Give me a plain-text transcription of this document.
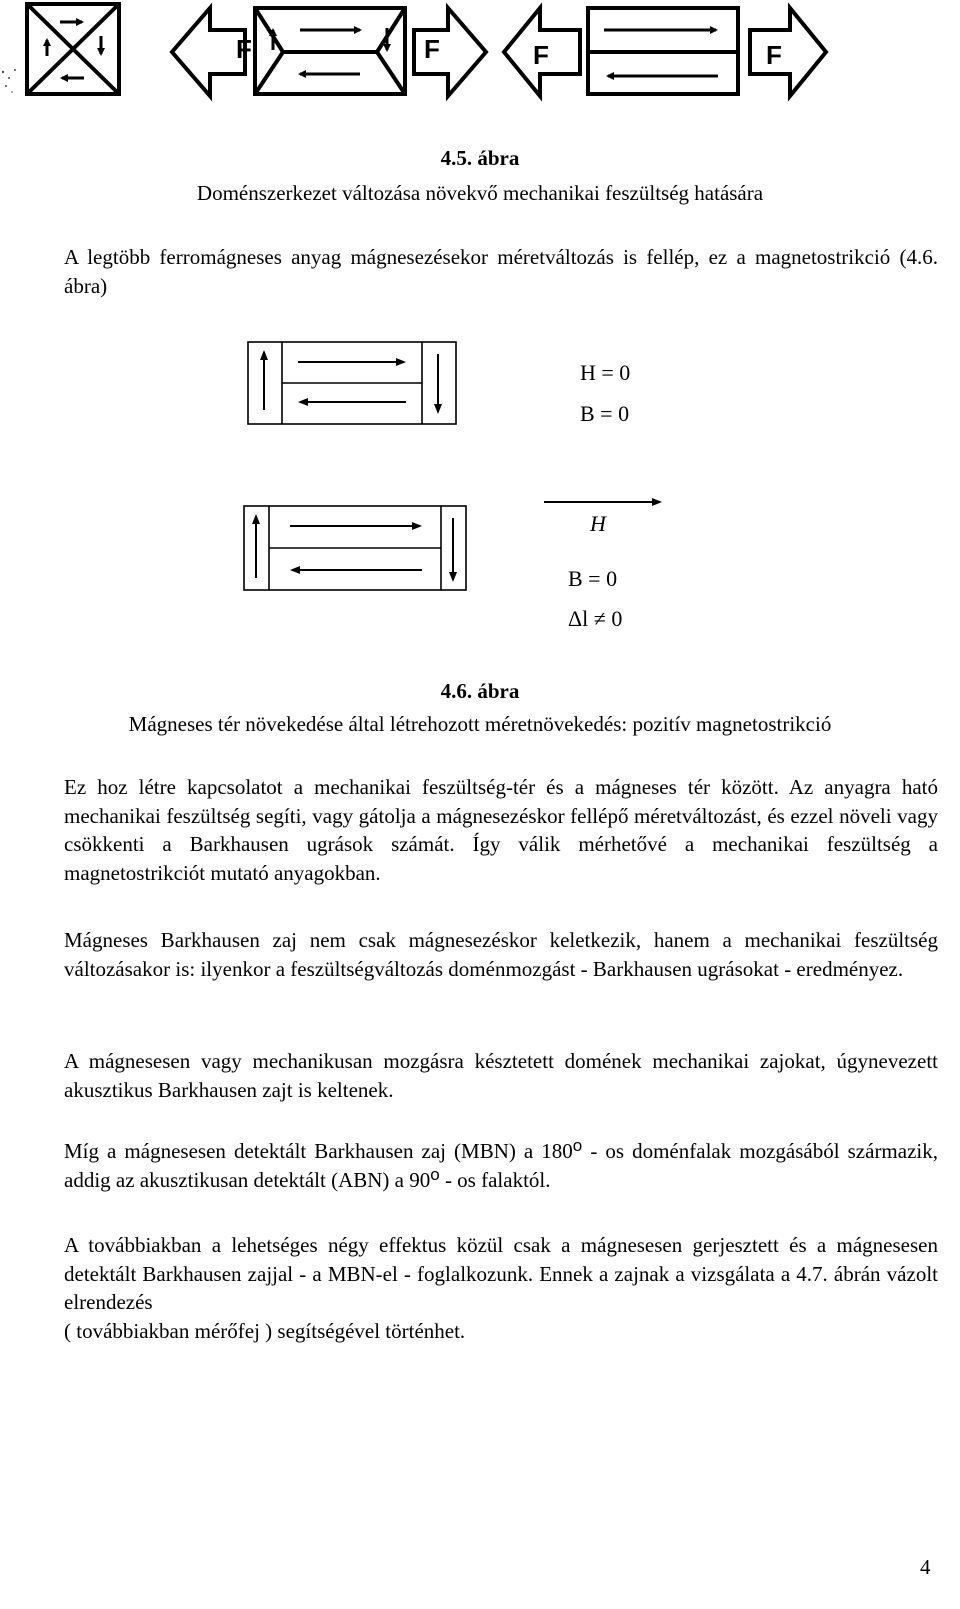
F	F	F	F
4.5. ábra
Doménszerkezet változása növekvő mechanikai feszültség hatására

A legtöbb ferromágneses anyag mágnesezésekor méretváltozás is fellép, ez a magnetostrikció (4.6. ábra)

H = 0
B = 0
H
B = 0
Δl ≠ 0
4.6. ábra
Mágneses tér növekedése által létrehozott méretnövekedés: pozitív magnetostrikció

Ez hoz létre kapcsolatot a mechanikai feszültség-tér és a mágneses tér között. Az anyagra ható mechanikai feszültség segíti, vagy gátolja a mágnesezéskor fellépő méretváltozást, és ezzel növeli vagy csökkenti a Barkhausen ugrások számát. Így válik mérhetővé a mechanikai feszültség a magnetostrikciót mutató anyagokban.

Mágneses Barkhausen zaj nem csak mágnesezéskor keletkezik, hanem a mechanikai feszültség változásakor is: ilyenkor a feszültségváltozás doménmozgást - Barkhausen ugrásokat - eredményez.

A mágnesesen vagy mechanikusan mozgásra késztetett domének mechanikai zajokat, úgynevezett akusztikus Barkhausen zajt is keltenek.

Míg a mágnesesen detektált Barkhausen zaj (MBN) a 180$^o$ - os doménfalak mozgásából származik, addig az akusztikusan detektált (ABN) a 90$^o$ - os falaktól.

A továbbiakban a lehetséges négy effektus közül csak a mágnesesen gerjesztett és a mágnesesen detektált Barkhausen zajjal - a MBN-el - foglalkozunk. Ennek a zajnak a vizsgálata a 4.7. ábrán vázolt elrendezés
( továbbiakban mérőfej ) segítségével történhet.

4
